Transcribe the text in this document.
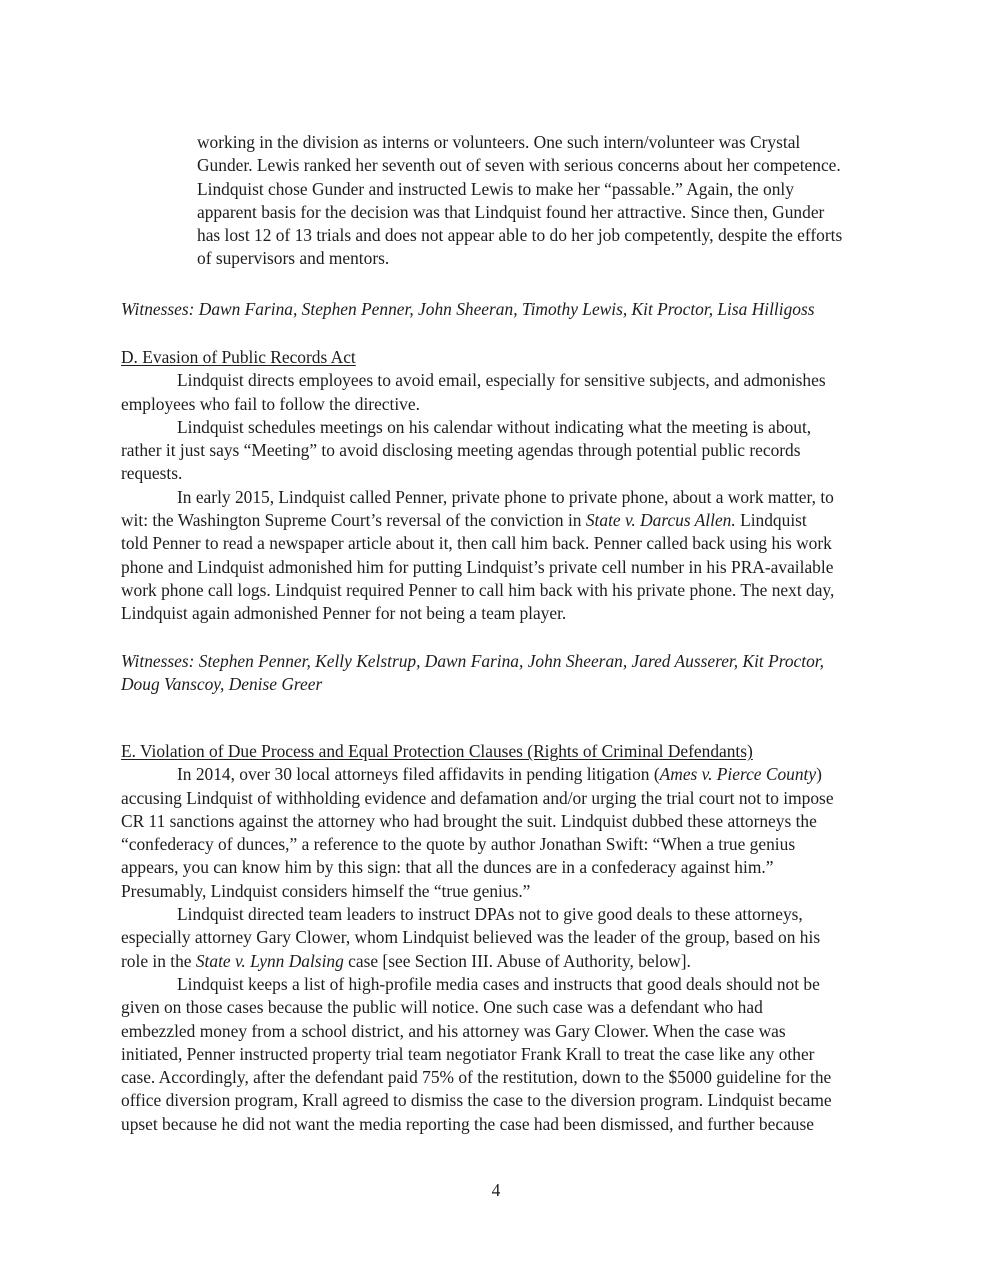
working in the division as interns or volunteers. One such intern/volunteer was Crystal
Gunder. Lewis ranked her seventh out of seven with serious concerns about her competence.
Lindquist chose Gunder and instructed Lewis to make her “passable.” Again, the only
apparent basis for the decision was that Lindquist found her attractive. Since then, Gunder
has lost 12 of 13 trials and does not appear able to do her job competently, despite the efforts
of supervisors and mentors.
Witnesses: Dawn Farina, Stephen Penner, John Sheeran, Timothy Lewis, Kit Proctor, Lisa Hilligoss
D. Evasion of Public Records Act
Lindquist directs employees to avoid email, especially for sensitive subjects, and admonishes
employees who fail to follow the directive.
Lindquist schedules meetings on his calendar without indicating what the meeting is about,
rather it just says “Meeting” to avoid disclosing meeting agendas through potential public records
requests.
In early 2015, Lindquist called Penner, private phone to private phone, about a work matter, to
wit: the Washington Supreme Court’s reversal of the conviction in State v. Darcus Allen. Lindquist
told Penner to read a newspaper article about it, then call him back. Penner called back using his work
phone and Lindquist admonished him for putting Lindquist’s private cell number in his PRA-available
work phone call logs. Lindquist required Penner to call him back with his private phone. The next day,
Lindquist again admonished Penner for not being a team player.
Witnesses: Stephen Penner, Kelly Kelstrup, Dawn Farina, John Sheeran, Jared Ausserer, Kit Proctor,
Doug Vanscoy, Denise Greer
E. Violation of Due Process and Equal Protection Clauses (Rights of Criminal Defendants)
In 2014, over 30 local attorneys filed affidavits in pending litigation (Ames v. Pierce County)
accusing Lindquist of withholding evidence and defamation and/or urging the trial court not to impose
CR 11 sanctions against the attorney who had brought the suit. Lindquist dubbed these attorneys the
“confederacy of dunces,” a reference to the quote by author Jonathan Swift: “When a true genius
appears, you can know him by this sign: that all the dunces are in a confederacy against him.”
Presumably, Lindquist considers himself the “true genius.”
Lindquist directed team leaders to instruct DPAs not to give good deals to these attorneys,
especially attorney Gary Clower, whom Lindquist believed was the leader of the group, based on his
role in the State v. Lynn Dalsing case [see Section III. Abuse of Authority, below].
Lindquist keeps a list of high-profile media cases and instructs that good deals should not be
given on those cases because the public will notice. One such case was a defendant who had
embezzled money from a school district, and his attorney was Gary Clower. When the case was
initiated, Penner instructed property trial team negotiator Frank Krall to treat the case like any other
case. Accordingly, after the defendant paid 75% of the restitution, down to the $5000 guideline for the
office diversion program, Krall agreed to dismiss the case to the diversion program. Lindquist became
upset because he did not want the media reporting the case had been dismissed, and further because
4
